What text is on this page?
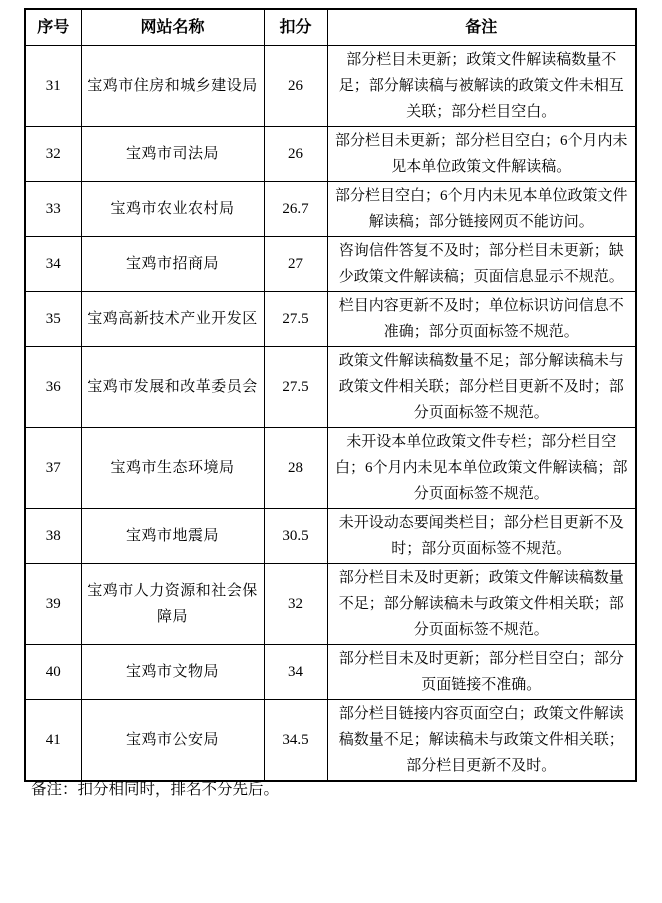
序号	网站名称	扣分	备注
31	宝鸡市住房和城乡建设局	26	部分栏目未更新；政策文件解读稿数量不足；部分解读稿与被解读的政策文件未相互关联；部分栏目空白。
32	宝鸡市司法局	26	部分栏目未更新；部分栏目空白；6个月内未见本单位政策文件解读稿。
33	宝鸡市农业农村局	26.7	部分栏目空白；6个月内未见本单位政策文件解读稿；部分链接网页不能访问。
34	宝鸡市招商局	27	咨询信件答复不及时；部分栏目未更新；缺少政策文件解读稿；页面信息显示不规范。
35	宝鸡高新技术产业开发区	27.5	栏目内容更新不及时；单位标识访问信息不准确；部分页面标签不规范。
36	宝鸡市发展和改革委员会	27.5	政策文件解读稿数量不足；部分解读稿未与政策文件相关联；部分栏目更新不及时；部分页面标签不规范。
37	宝鸡市生态环境局	28	未开设本单位政策文件专栏；部分栏目空白；6个月内未见本单位政策文件解读稿；部分页面标签不规范。
38	宝鸡市地震局	30.5	未开设动态要闻类栏目；部分栏目更新不及时；部分页面标签不规范。
39	宝鸡市人力资源和社会保障局	32	部分栏目未及时更新；政策文件解读稿数量不足；部分解读稿未与政策文件相关联；部分页面标签不规范。
40	宝鸡市文物局	34	部分栏目未及时更新；部分栏目空白；部分页面链接不准确。
41	宝鸡市公安局	34.5	部分栏目链接内容页面空白；政策文件解读稿数量不足；解读稿未与政策文件相关联；部分栏目更新不及时。

备注：扣分相同时，排名不分先后。
